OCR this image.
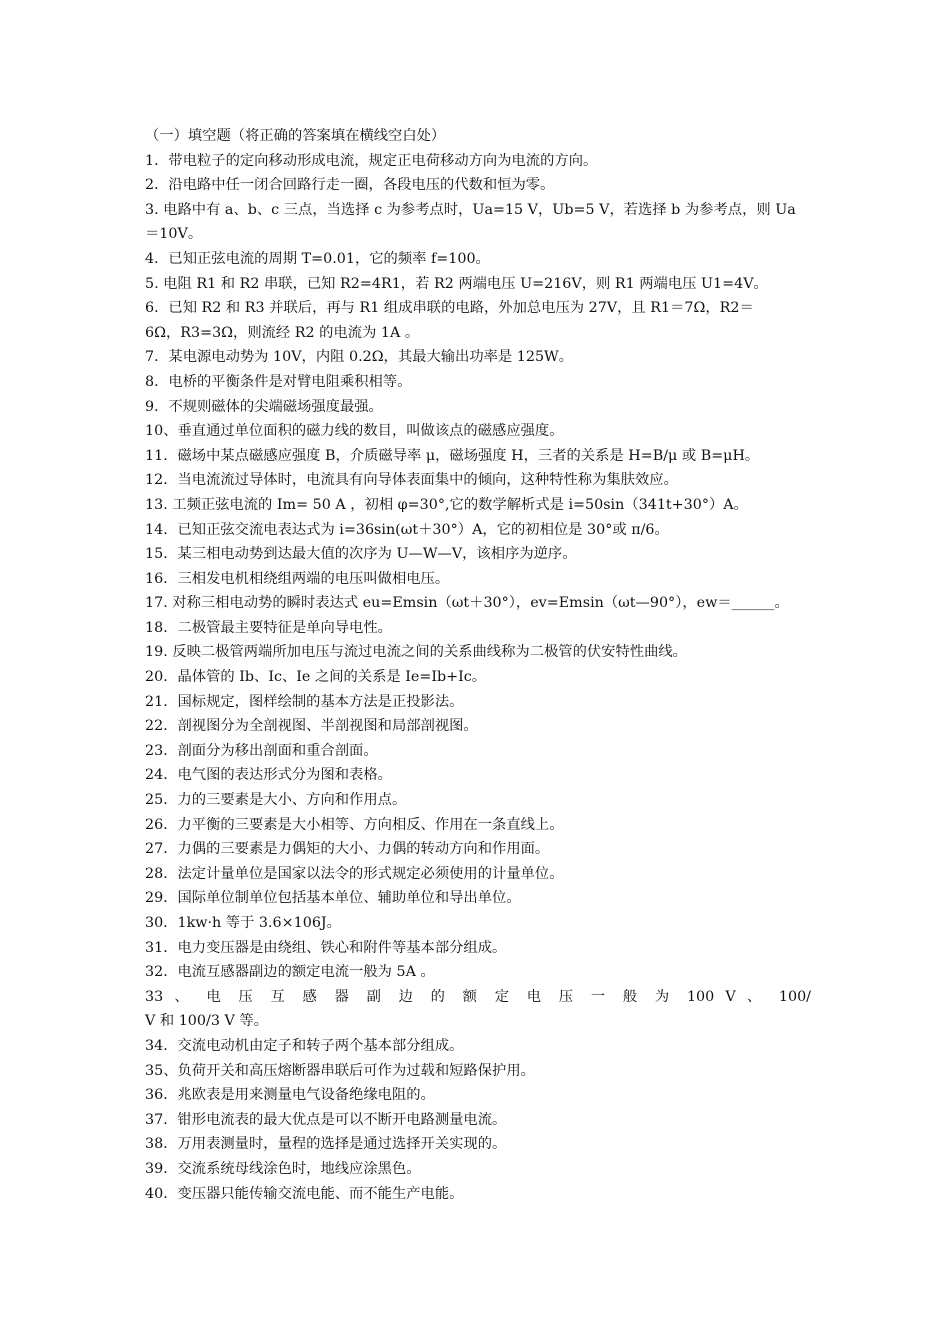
（一）填空题（将正确的答案填在横线空白处）
1．带电粒子的定向移动形成电流，规定正电荷移动方向为电流的方向。
2．沿电路中任一闭合回路行走一圈，各段电压的代数和恒为零。
3. 电路中有 a、b、c 三点，当选择 c 为参考点时，Ua=15 V，Ub=5 V，若选择 b 为参考点，则 Ua
＝10V。
4．已知正弦电流的周期 T=0.01，它的频率 f=100。
5. 电阻 R1 和 R2 串联，已知 R2=4R1，若 R2 两端电压 U=216V，则 R1 两端电压 U1=4V。
6．已知 R2 和 R3 并联后，再与 R1 组成串联的电路，外加总电压为 27V，且 R1＝7Ω，R2＝
6Ω，R3=3Ω，则流经 R2 的电流为 1A 。
7．某电源电动势为 10V，内阻 0.2Ω，其最大输出功率是 125W。
8．电桥的平衡条件是对臂电阻乘积相等。
9．不规则磁体的尖端磁场强度最强。
10、垂直通过单位面积的磁力线的数目，叫做该点的磁感应强度。
11．磁场中某点磁感应强度 B，介质磁导率 μ，磁场强度 H，三者的关系是 H=B/μ 或 B=μH。
12．当电流流过导体时，电流具有向导体表面集中的倾向，这种特性称为集肤效应。
13. 工频正弦电流的 Im= 50 A ，初相 φ=30°,它的数学解析式是 i=50sin（341t+30°）A。
14．已知正弦交流电表达式为 i=36sin(ωt＋30°）A，它的初相位是 30°或 π/6。
15．某三相电动势到达最大值的次序为 U—W—V，该相序为逆序。
16．三相发电机相绕组两端的电压叫做相电压。
17. 对称三相电动势的瞬时表达式 eu=Emsin（ωt＋30°），ev=Emsin（ωt—90°），ew＝______。
18．二极管最主要特征是单向导电性。
19. 反映二极管两端所加电压与流过电流之间的关系曲线称为二极管的伏安特性曲线。
20．晶体管的 Ib、Ic、Ie 之间的关系是 Ie=Ib+Ic。
21．国标规定，图样绘制的基本方法是正投影法。
22．剖视图分为全剖视图、半剖视图和局部剖视图。
23．剖面分为移出剖面和重合剖面。
24．电气图的表达形式分为图和表格。
25．力的三要素是大小、方向和作用点。
26．力平衡的三要素是大小相等、方向相反、作用在一条直线上。
27．力偶的三要素是力偶矩的大小、力偶的转动方向和作用面。
28．法定计量单位是国家以法令的形式规定必须使用的计量单位。
29．国际单位制单位包括基本单位、辅助单位和导出单位。
30．1kw·h 等于 3.6×106J。
31．电力变压器是由绕组、铁心和附件等基本部分组成。
32．电流互感器副边的额定电流一般为 5A 。
33 、 电 压 互 感 器 副 边 的 额 定 电 压 一 般 为 100 V 、 100/
V 和 100/3 V 等。
34．交流电动机由定子和转子两个基本部分组成。
35、负荷开关和高压熔断器串联后可作为过载和短路保护用。
36．兆欧表是用来测量电气设备绝缘电阻的。
37．钳形电流表的最大优点是可以不断开电路测量电流。
38．万用表测量时，量程的选择是通过选择开关实现的。
39．交流系统母线涂色时，地线应涂黑色。
40．变压器只能传输交流电能、而不能生产电能。
